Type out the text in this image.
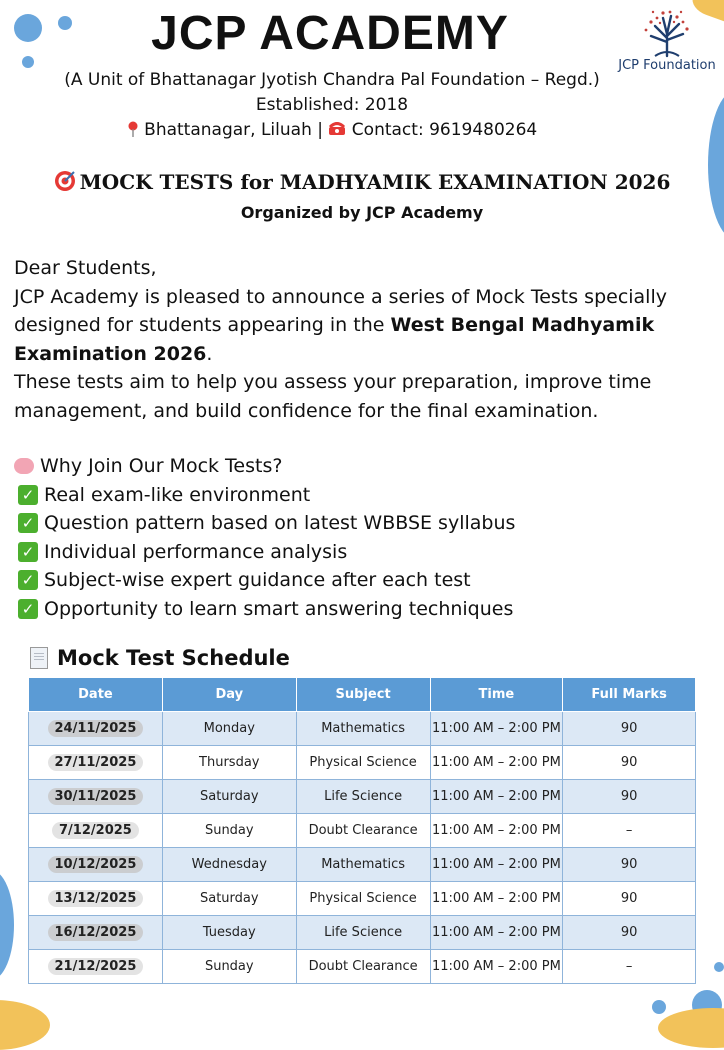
JCP ACADEMY
(A Unit of Bhattanagar Jyotish Chandra Pal Foundation – Regd.)
Established: 2018
Bhattanagar, Liluah | Contact: 9619480264
JCP Foundation
MOCK TESTS for MADHYAMIK EXAMINATION 2026
Organized by JCP Academy
Dear Students,
JCP Academy is pleased to announce a series of Mock Tests specially designed for students appearing in the West Bengal Madhyamik Examination 2026.
These tests aim to help you assess your preparation, improve time management, and build confidence for the final examination.
Why Join Our Mock Tests?
✓ Real exam-like environment
✓ Question pattern based on latest WBBSE syllabus
✓ Individual performance analysis
✓ Subject-wise expert guidance after each test
✓ Opportunity to learn smart answering techniques
Mock Test Schedule
Date	Day	Subject	Time	Full Marks
24/11/2025	Monday	Mathematics	11:00 AM – 2:00 PM	90
27/11/2025	Thursday	Physical Science	11:00 AM – 2:00 PM	90
30/11/2025	Saturday	Life Science	11:00 AM – 2:00 PM	90
7/12/2025	Sunday	Doubt Clearance	11:00 AM – 2:00 PM	–
10/12/2025	Wednesday	Mathematics	11:00 AM – 2:00 PM	90
13/12/2025	Saturday	Physical Science	11:00 AM – 2:00 PM	90
16/12/2025	Tuesday	Life Science	11:00 AM – 2:00 PM	90
21/12/2025	Sunday	Doubt Clearance	11:00 AM – 2:00 PM	–
